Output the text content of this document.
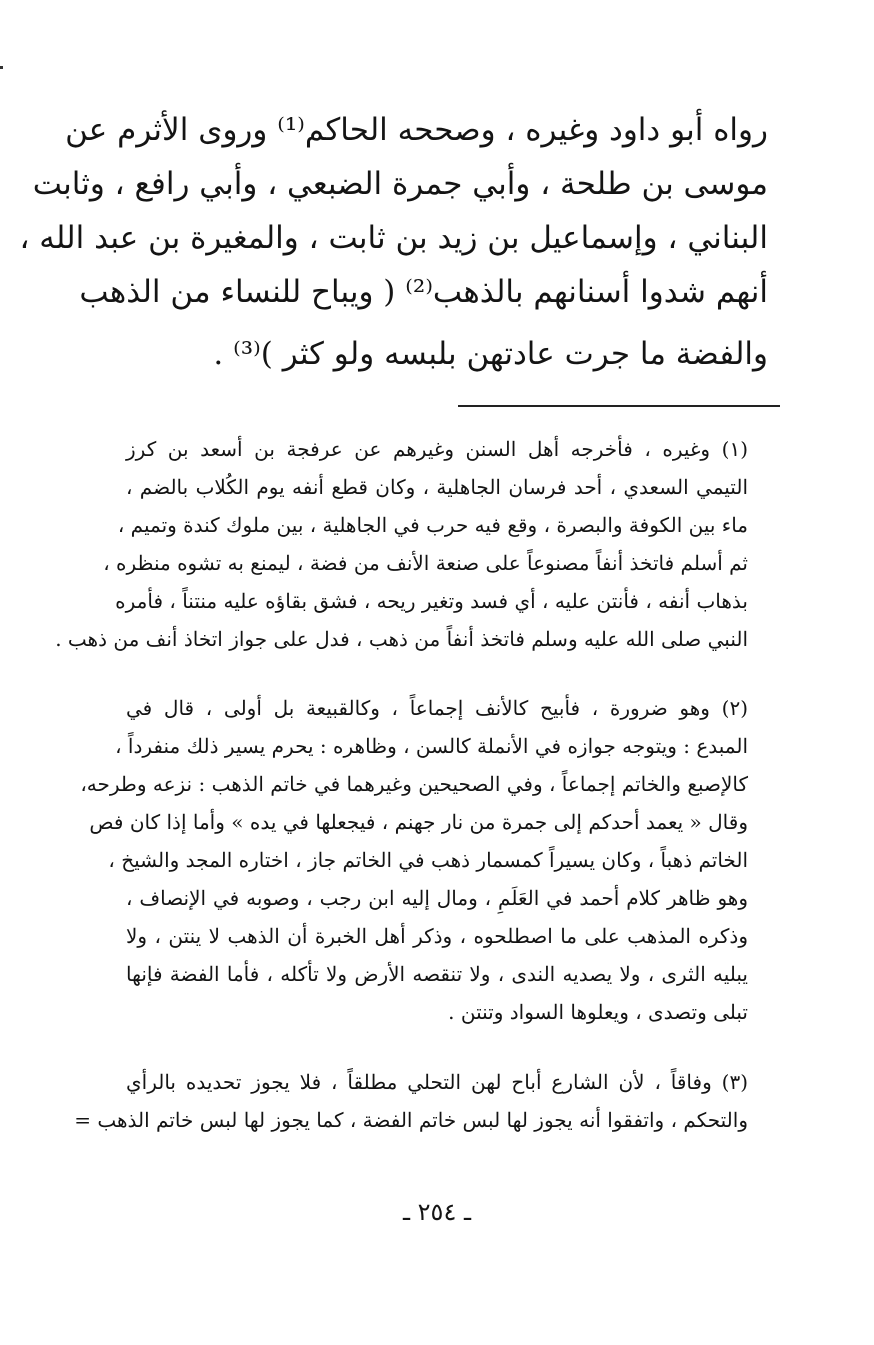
رواه أبو داود وغيره ، وصححه الحاكم⁽¹⁾ وروى الأثرم عن
موسى بن طلحة ، وأبي جمرة الضبعي ، وأبي رافع ، وثابت
البناني ، وإسماعيل بن زيد بن ثابت ، والمغيرة بن عبد الله ،
أنهم شدوا أسنانهم بالذهب⁽²⁾ ( ويباح للنساء من الذهب
والفضة ما جرت عادتهن بلبسه ولو كثر )⁽³⁾ .
(١) وغيره ، فأخرجه أهل السنن وغيرهم عن عرفجة بن أسعد بن كرز
التيمي السعدي ، أحد فرسان الجاهلية ، وكان قطع أنفه يوم الكُلاب بالضم ،
ماء بين الكوفة والبصرة ، وقع فيه حرب في الجاهلية ، بين ملوك كندة وتميم ،
ثم أسلم فاتخذ أنفاً مصنوعاً على صنعة الأنف من فضة ، ليمنع به تشوه منظره ،
بذهاب أنفه ، فأنتن عليه ، أي فسد وتغير ريحه ، فشق بقاؤه عليه منتناً ، فأمره
النبي صلى الله عليه وسلم فاتخذ أنفاً من ذهب ، فدل على جواز اتخاذ أنف من ذهب .
(٢) وهو ضرورة ، فأبيح كالأنف إجماعاً ، وكالقبيعة بل أولى ، قال في
المبدع : ويتوجه جوازه في الأنملة كالسن ، وظاهره : يحرم يسير ذلك منفرداً ،
كالإصبع والخاتم إجماعاً ، وفي الصحيحين وغيرهما في خاتم الذهب : نزعه وطرحه،
وقال « يعمد أحدكم إلى جمرة من نار جهنم ، فيجعلها في يده » وأما إذا كان فص
الخاتم ذهباً ، وكان يسيراً كمسمار ذهب في الخاتم جاز ، اختاره المجد والشيخ ،
وهو ظاهر كلام أحمد في العَلَمِ ، ومال إليه ابن رجب ، وصوبه في الإنصاف ،
وذكره المذهب على ما اصطلحوه ، وذكر أهل الخبرة أن الذهب لا ينتن ، ولا
يبليه الثرى ، ولا يصديه الندى ، ولا تنقصه الأرض ولا تأكله ، فأما الفضة فإنها
تبلى وتصدى ، ويعلوها السواد وتنتن .
(٣) وفاقاً ، لأن الشارع أباح لهن التحلي مطلقاً ، فلا يجوز تحديده بالرأي
والتحكم ، واتفقوا أنه يجوز لها لبس خاتم الفضة ، كما يجوز لها لبس خاتم الذهب =
ـ ٢٥٤ ـ
